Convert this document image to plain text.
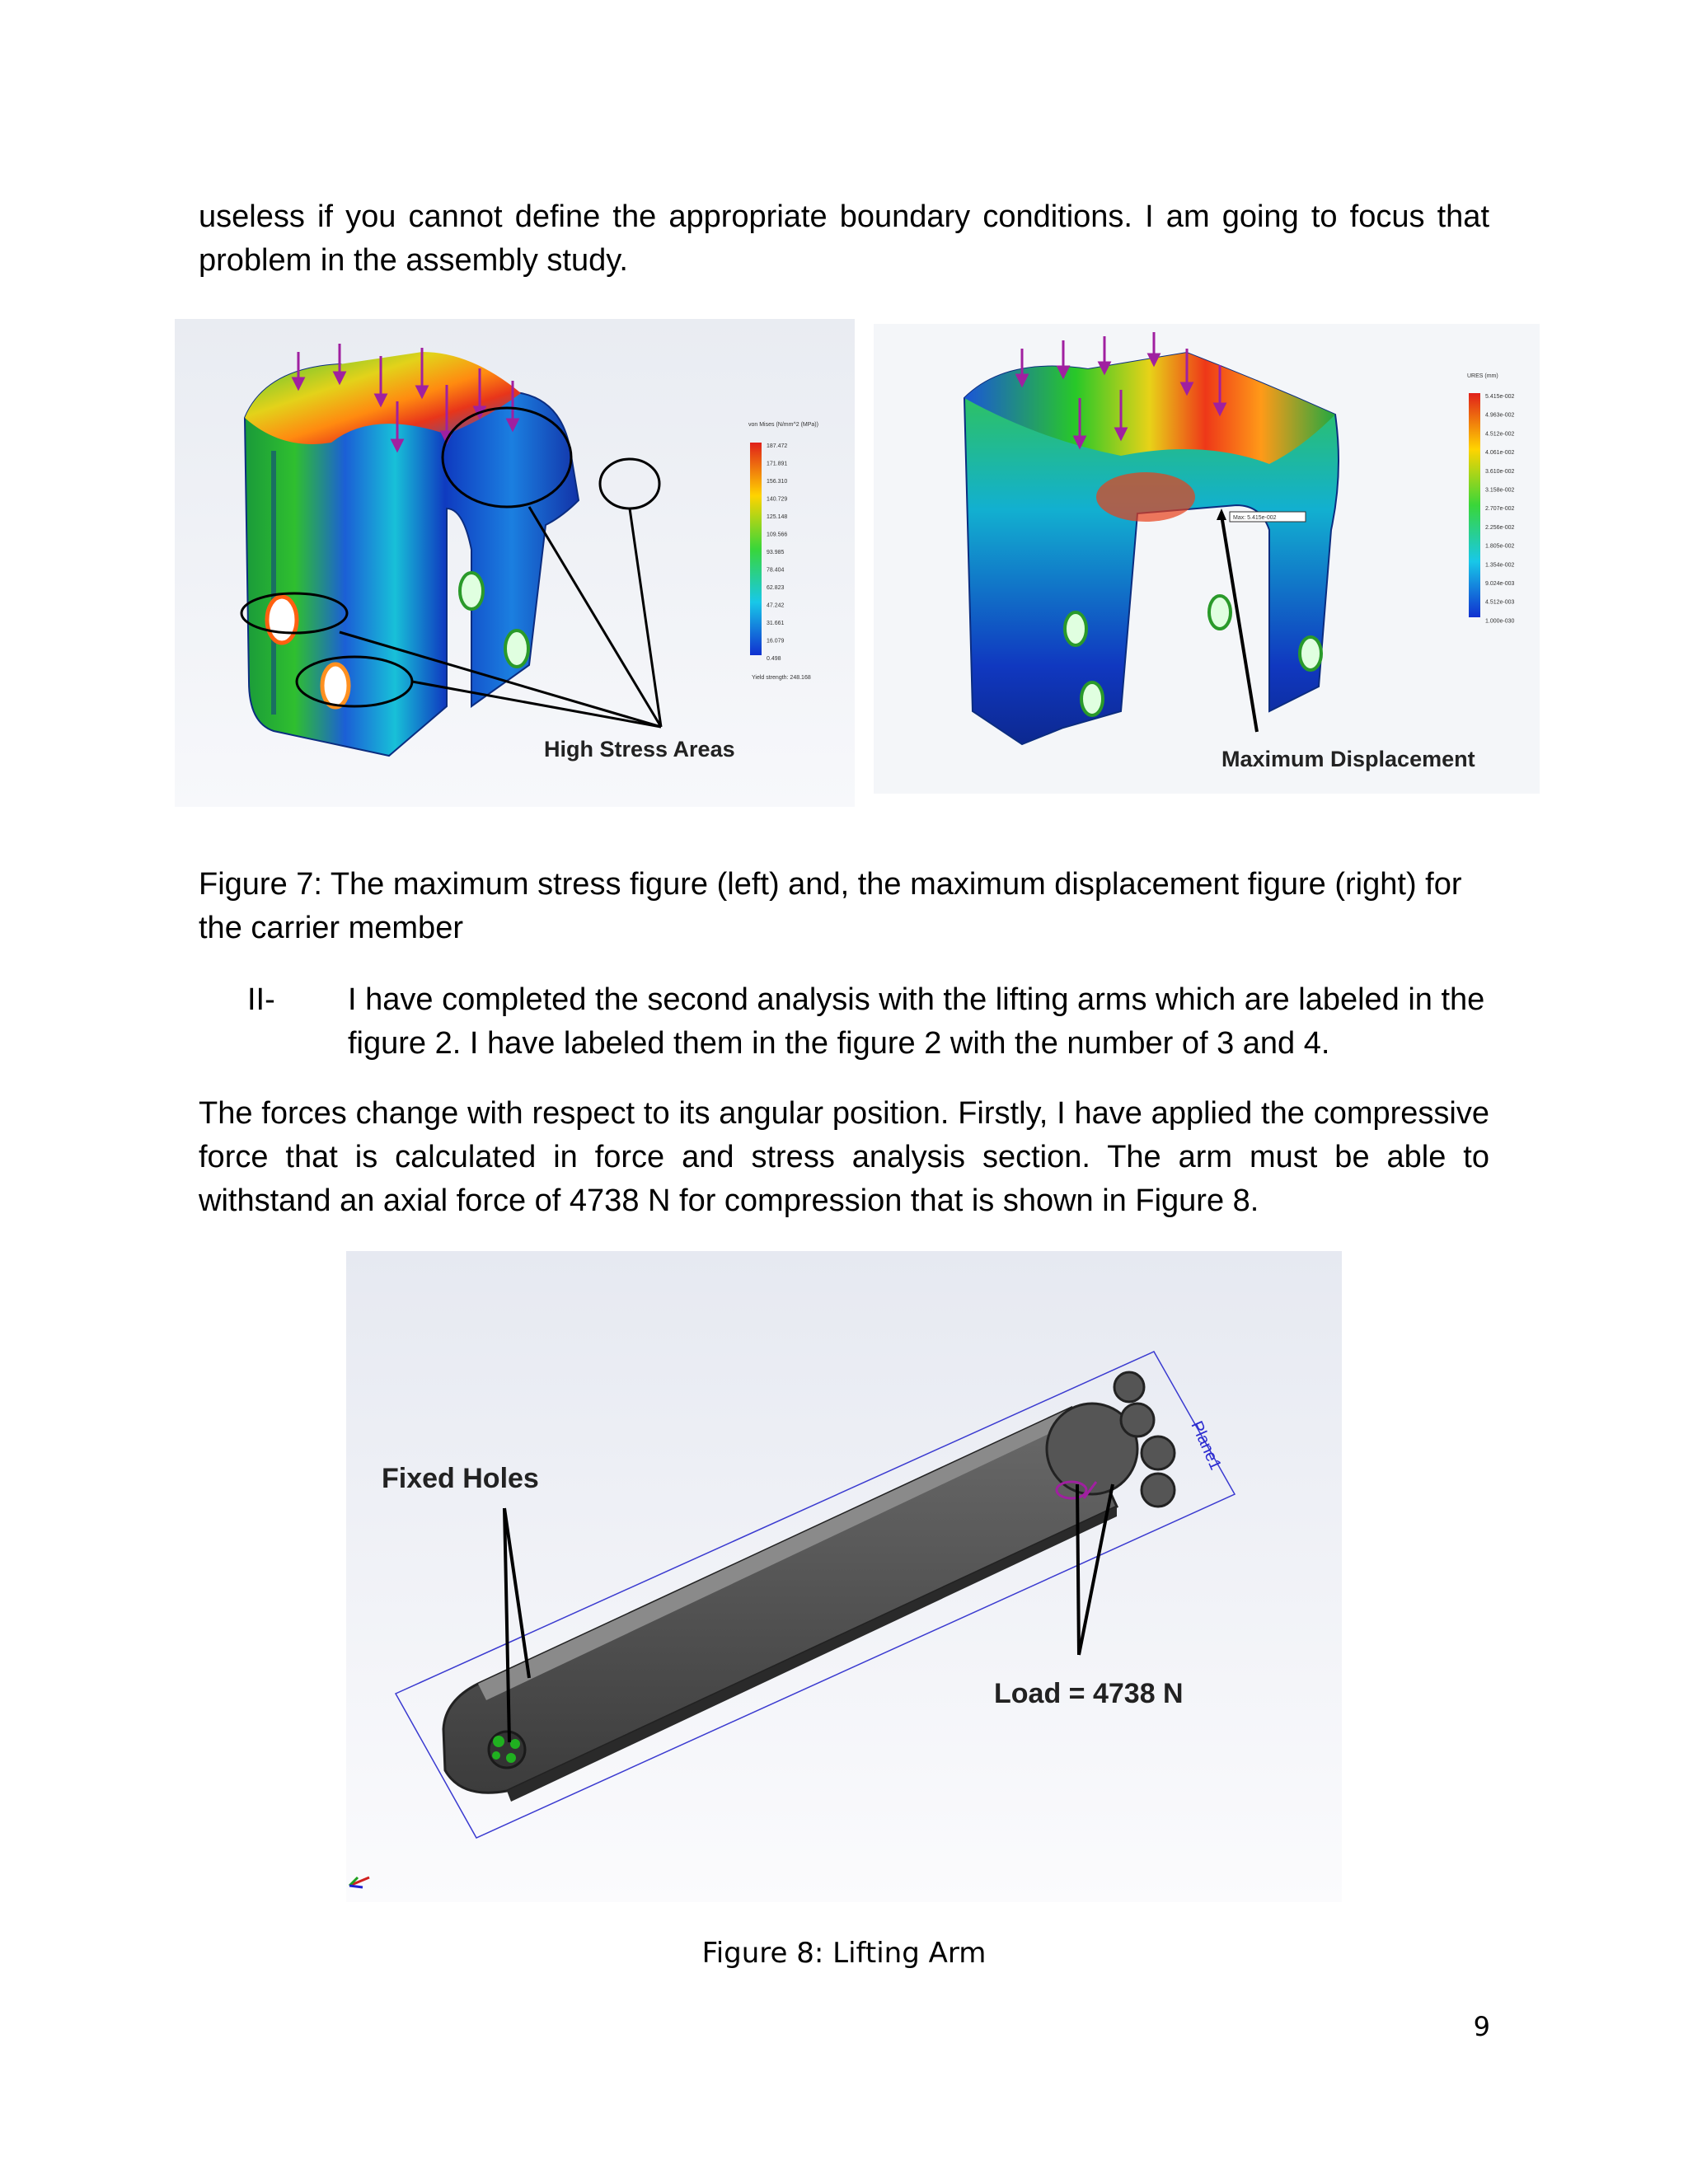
useless if you cannot define the appropriate boundary conditions. I am going to focus that problem in the assembly study.
High Stress Areas
von Mises (N/mm^2 (MPa))
187.472
171.891
156.310
140.729
125.148
109.566
93.985
78.404
62.823
47.242
31.661
16.079
0.498
Yield strength: 248.168
Max: 5.415e-002
Maximum Displacement
URES (mm)
5.415e-002
4.963e-002
4.512e-002
4.061e-002
3.610e-002
3.158e-002
2.707e-002
2.256e-002
1.805e-002
1.354e-002
9.024e-003
4.512e-003
1.000e-030
Figure 7: The maximum stress figure (left) and, the maximum displacement figure (right) for the carrier member
II- I have completed the second analysis with the lifting arms which are labeled in the figure 2. I have labeled them in the figure 2 with the number of 3 and 4.
The forces change with respect to its angular position. Firstly, I have applied the compressive force that is calculated in force and stress analysis section. The arm must be able to withstand an axial force of 4738 N for compression that is shown in Figure 8.
Plane1
Fixed Holes
Load = 4738 N
Figure 8: Lifting Arm
9
